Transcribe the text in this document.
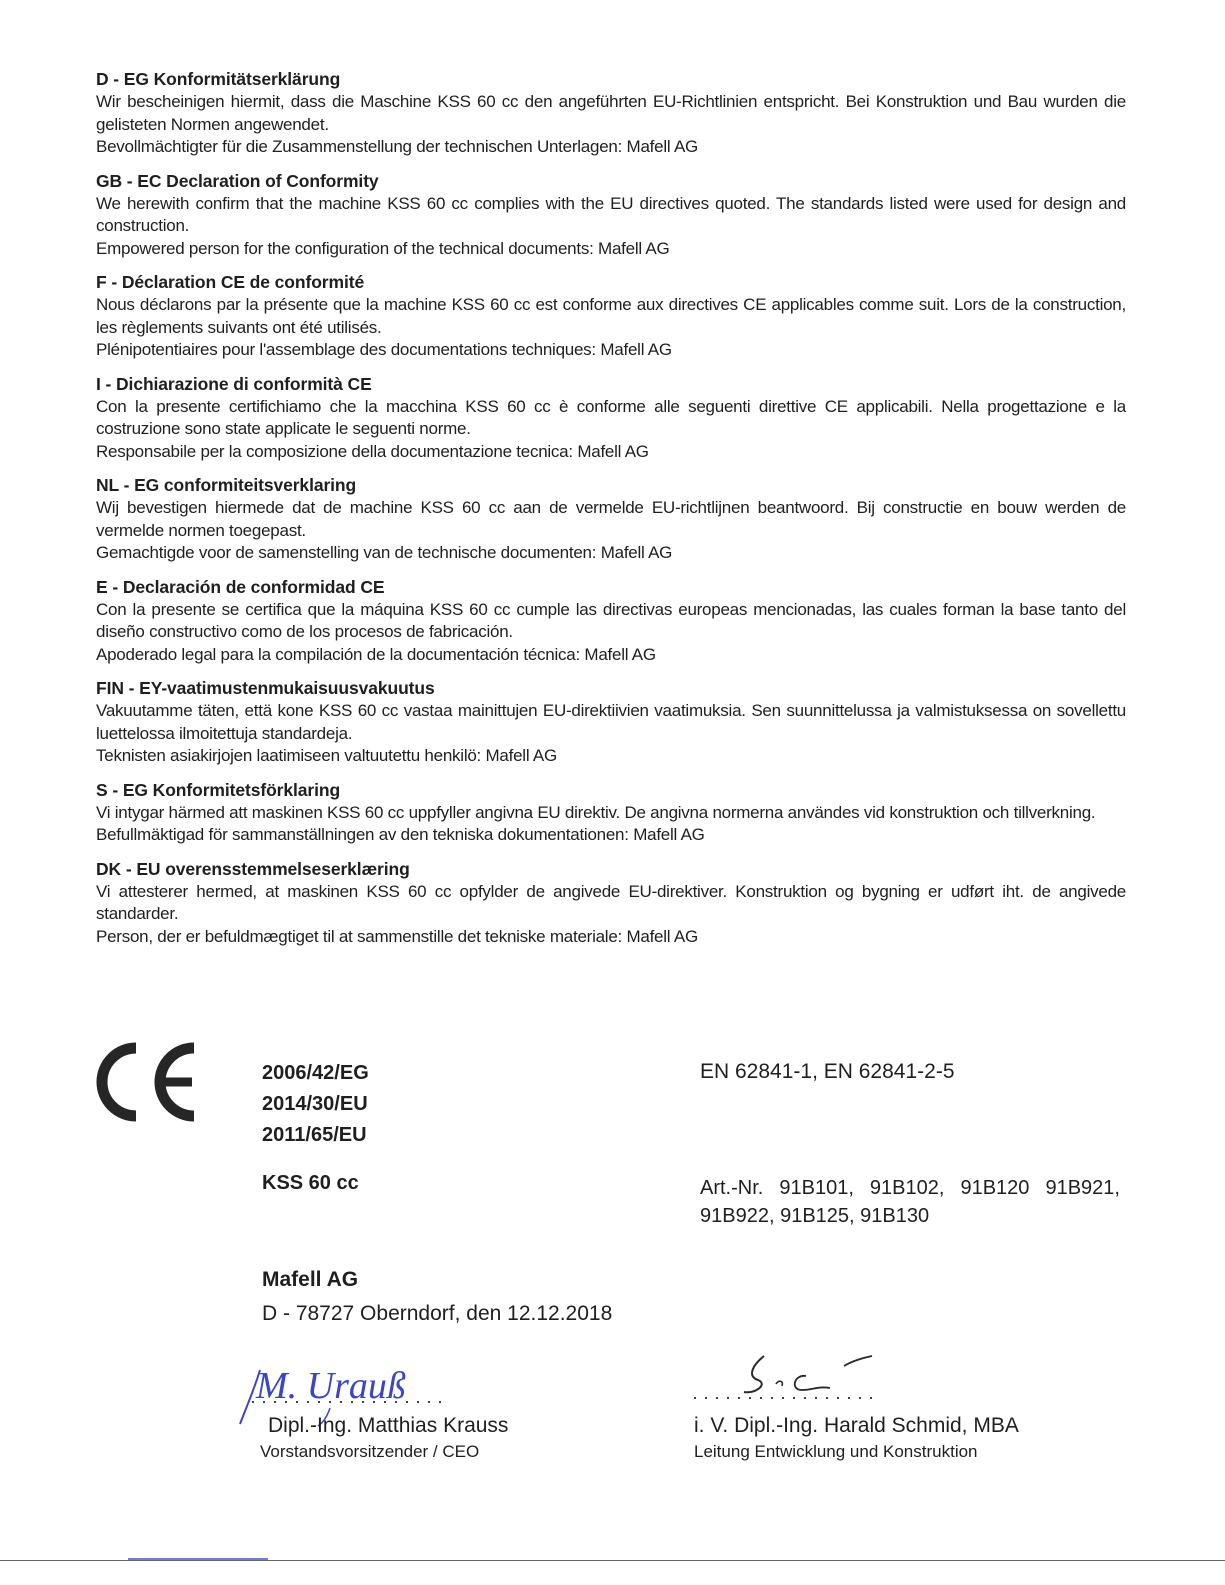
D - EG Konformitätserklärung
Wir bescheinigen hiermit, dass die Maschine KSS 60 cc den angeführten EU-Richtlinien entspricht. Bei Konstruktion und Bau wurden die gelisteten Normen angewendet.
Bevollmächtigter für die Zusammenstellung der technischen Unterlagen: Mafell AG
GB - EC Declaration of Conformity
We herewith confirm that the machine KSS 60 cc complies with the EU directives quoted. The standards listed were used for design and construction.
Empowered person for the configuration of the technical documents: Mafell AG
F - Déclaration CE de conformité
Nous déclarons par la présente que la machine KSS 60 cc est conforme aux directives CE applicables comme suit. Lors de la construction, les règlements suivants ont été utilisés.
Plénipotentiaires pour l'assemblage des documentations techniques: Mafell AG
I - Dichiarazione di conformità CE
Con la presente certifichiamo che la macchina KSS 60 cc è conforme alle seguenti direttive CE applicabili. Nella progettazione e la costruzione sono state applicate le seguenti norme.
Responsabile per la composizione della documentazione tecnica: Mafell AG
NL - EG conformiteitsverklaring
Wij bevestigen hiermede dat de machine KSS 60 cc aan de vermelde EU-richtlijnen beantwoord. Bij constructie en bouw werden de vermelde normen toegepast.
Gemachtigde voor de samenstelling van de technische documenten: Mafell AG
E - Declaración de conformidad CE
Con la presente se certifica que la máquina KSS 60 cc cumple las directivas europeas mencionadas, las cuales forman la base tanto del diseño constructivo como de los procesos de fabricación.
Apoderado legal para la compilación de la documentación técnica: Mafell AG
FIN - EY-vaatimustenmukaisuusvakuutus
Vakuutamme täten, että kone KSS 60 cc vastaa mainittujen EU-direktiivien vaatimuksia. Sen suunnittelussa ja valmistuksessa on sovellettu luettelossa ilmoitettuja standardeja.
Teknisten asiakirjojen laatimiseen valtuutettu henkilö: Mafell AG
S - EG Konformitetsförklaring
Vi intygar härmed att maskinen KSS 60 cc uppfyller angivna EU direktiv. De angivna normerna användes vid konstruktion och tillverkning.
Befullmäktigad för sammanställningen av den tekniska dokumentationen: Mafell AG
DK - EU overensstemmelseserklæring
Vi attesterer hermed, at maskinen KSS 60 cc opfylder de angivede EU-direktiver. Konstruktion og bygning er udført iht. de angivede standarder.
Person, der er befuldmægtiget til at sammenstille det tekniske materiale: Mafell AG
2006/42/EG
2014/30/EU
2011/65/EU
EN 62841-1, EN 62841-2-5
KSS 60 cc	Art.-Nr. 91B101, 91B102, 91B120 91B921,
91B922, 91B125, 91B130
Mafell AG
D - 78727 Oberndorf, den 12.12.2018
M. Urauß
Dipl.-Ing. Matthias Krauss
Vorstandsvorsitzender / CEO
i. V. Dipl.-Ing. Harald Schmid, MBA
Leitung Entwicklung und Konstruktion
